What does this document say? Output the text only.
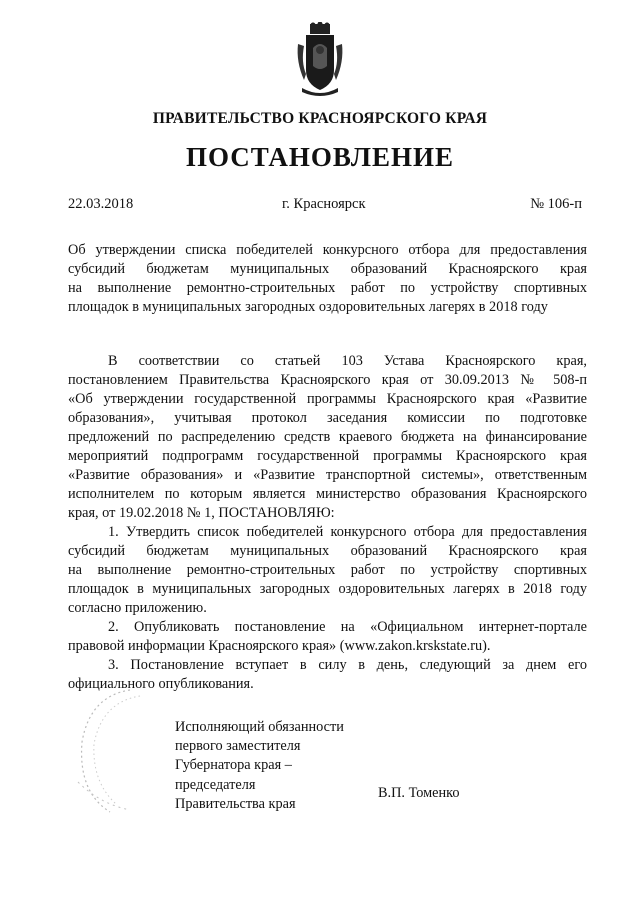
ПРАВИТЕЛЬСТВО КРАСНОЯРСКОГО КРАЯ
ПОСТАНОВЛЕНИЕ
22.03.2018	г. Красноярск	№ 106-п
Об утверждении списка победителей конкурсного отбора для предоставления
субсидий бюджетам муниципальных образований Красноярского края
на выполнение ремонтно-строительных работ по устройству спортивных
площадок в муниципальных загородных оздоровительных лагерях в 2018 году
В соответствии со статьей 103 Устава Красноярского края,
постановлением Правительства Красноярского края от 30.09.2013 № 508-п
«Об утверждении государственной программы Красноярского края «Развитие
образования», учитывая протокол заседания комиссии по подготовке
предложений по распределению средств краевого бюджета на финансирование
мероприятий подпрограмм государственной программы Красноярского края
«Развитие образования» и «Развитие транспортной системы», ответственным
исполнителем по которым является министерство образования Красноярского
края, от 19.02.2018 № 1, ПОСТАНОВЛЯЮ:
1. Утвердить список победителей конкурсного отбора для предоставления
субсидий бюджетам муниципальных образований Красноярского края
на выполнение ремонтно-строительных работ по устройству спортивных
площадок в муниципальных загородных оздоровительных лагерях в 2018 году
согласно приложению.
2. Опубликовать постановление на «Официальном интернет-портале
правовой информации Красноярского края» (www.zakon.krskstate.ru).
3. Постановление вступает в силу в день, следующий за днем его
официального опубликования.
Исполняющий обязанности
первого заместителя
Губернатора края –
председателя
Правительства края
В.П. Томенко
